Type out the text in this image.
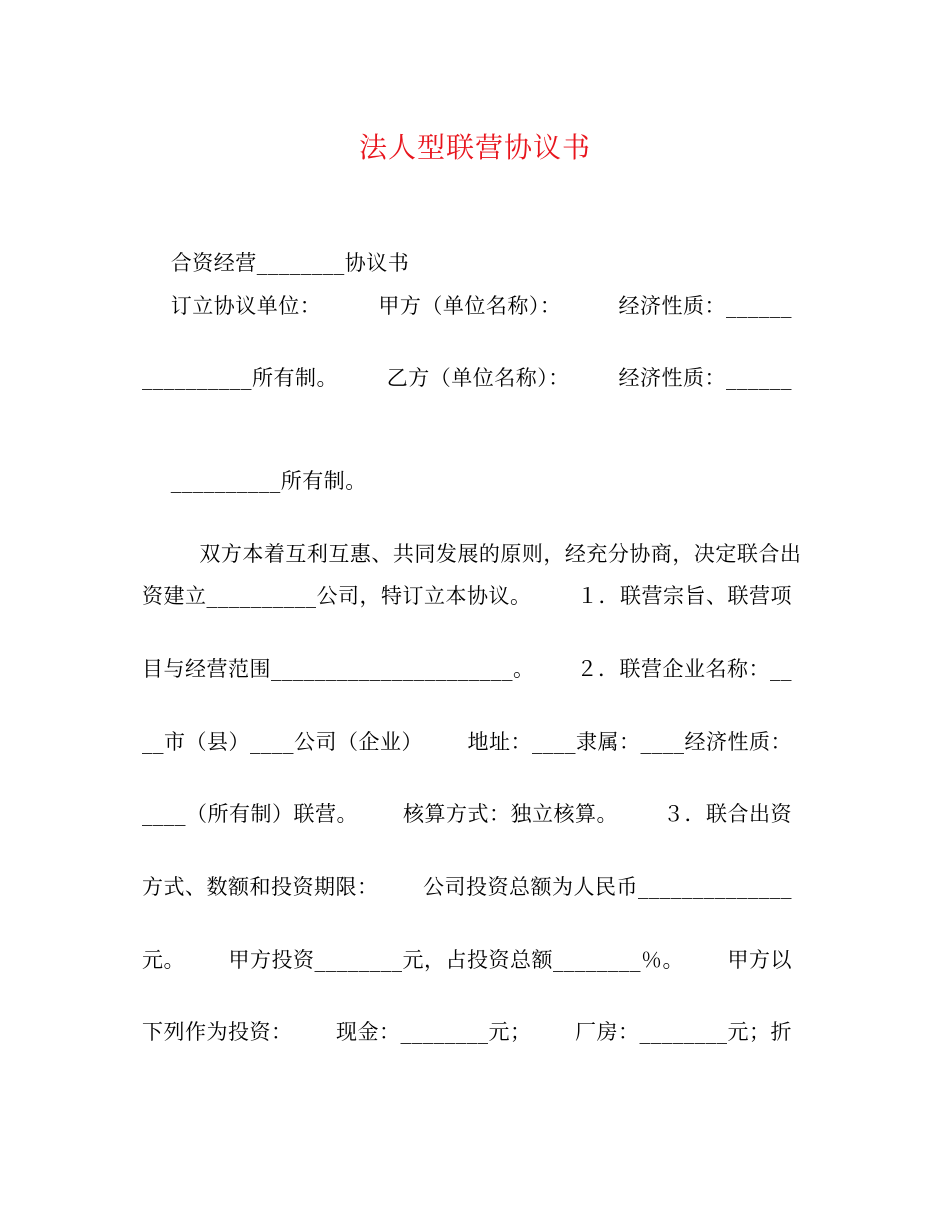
法人型联营协议书

合资经营________协议书

订立协议单位：	甲方（单位名称）：	经济性质：______
__________所有制。 乙方（单位名称）： 经济性质：______

__________所有制。

双方本着互利互惠、共同发展的原则，经充分协商，决定联合出

资建立__________公司，特订立本协议。 １．联营宗旨、联营项
目与经营范围______________________。 ２．联营企业名称：__
__市（县）____公司（企业） 地址：____隶属：____经济性质：
____（所有制）联营。 核算方式：独立核算。 ３．联合出资
方式、数额和投资期限： 公司投资总额为人民币______________
元。 甲方投资________元，占投资总额________％。 甲方以
下列作为投资： 现金：________元； 厂房：________元；折
